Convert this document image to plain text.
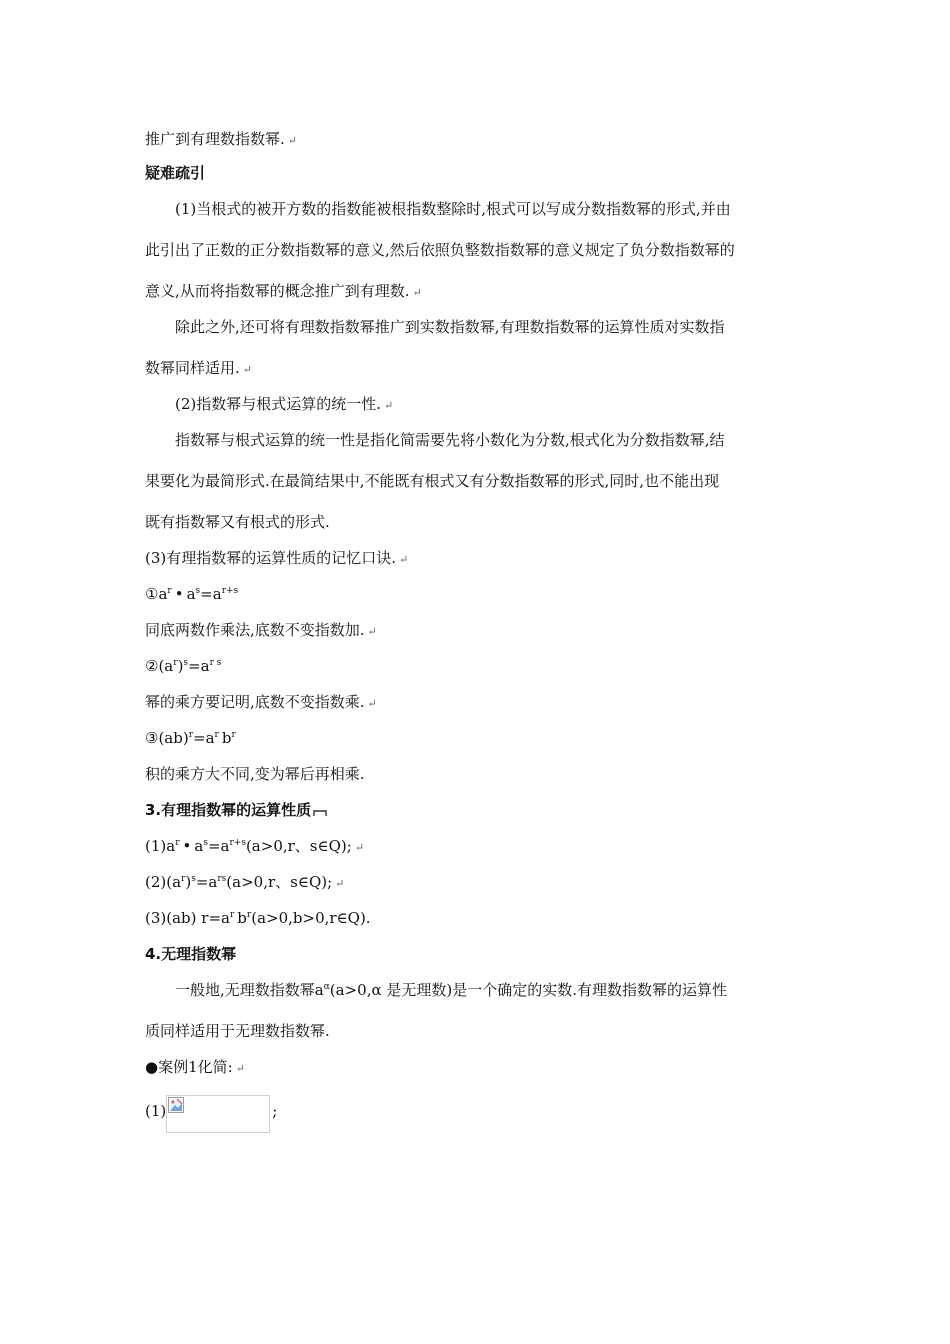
推广到有理数指数幂. ↵
疑难疏引
(1)当根式的被开方数的指数能被根指数整除时,根式可以写成分数指数幂的形式,并由
此引出了正数的正分数指数幂的意义,然后依照负整数指数幂的意义规定了负分数指数幂的
意义,从而将指数幂的概念推广到有理数. ↵
除此之外,还可将有理数指数幂推广到实数指数幂,有理数指数幂的运算性质对实数指
数幂同样适用. ↵
(2)指数幂与根式运算的统一性. ↵
指数幂与根式运算的统一性是指化简需要先将小数化为分数,根式化为分数指数幂,结
果要化为最简形式.在最简结果中,不能既有根式又有分数指数幂的形式,同时,也不能出现
既有指数幂又有根式的形式.
(3)有理指数幂的运算性质的记忆口诀. ↵
$①a^r$  •  $a^s=a^{r+s}$
同底两数作乘法,底数不变指数加. ↵
$②(a^r)^s=a^{r s}$
幂的乘方要记明,底数不变指数乘. ↵
$③(ab)^r=a^r$  $b^r$
积的乘方大不同,变为幂后再相乘.
3.有理指数幂的运算性质
$(1)a^r$  •  $a^s=a^{r+s}(a>0,r$、s∈Q); ↵
$(2)(a^r)^s=a^{rs}(a>0,r$、s∈Q); ↵
(3)(ab) $r=a^r$  $b^r(a>0,b>0,r\in Q)$.
4.无理指数幂
一般地,无理数指数幂$a^\alpha(a>0,\alpha$ 是无理数)是一个确定的实数.有理数指数幂的运算性
质同样适用于无理数指数幂.
●案例1化简: ↵
(1)	;
